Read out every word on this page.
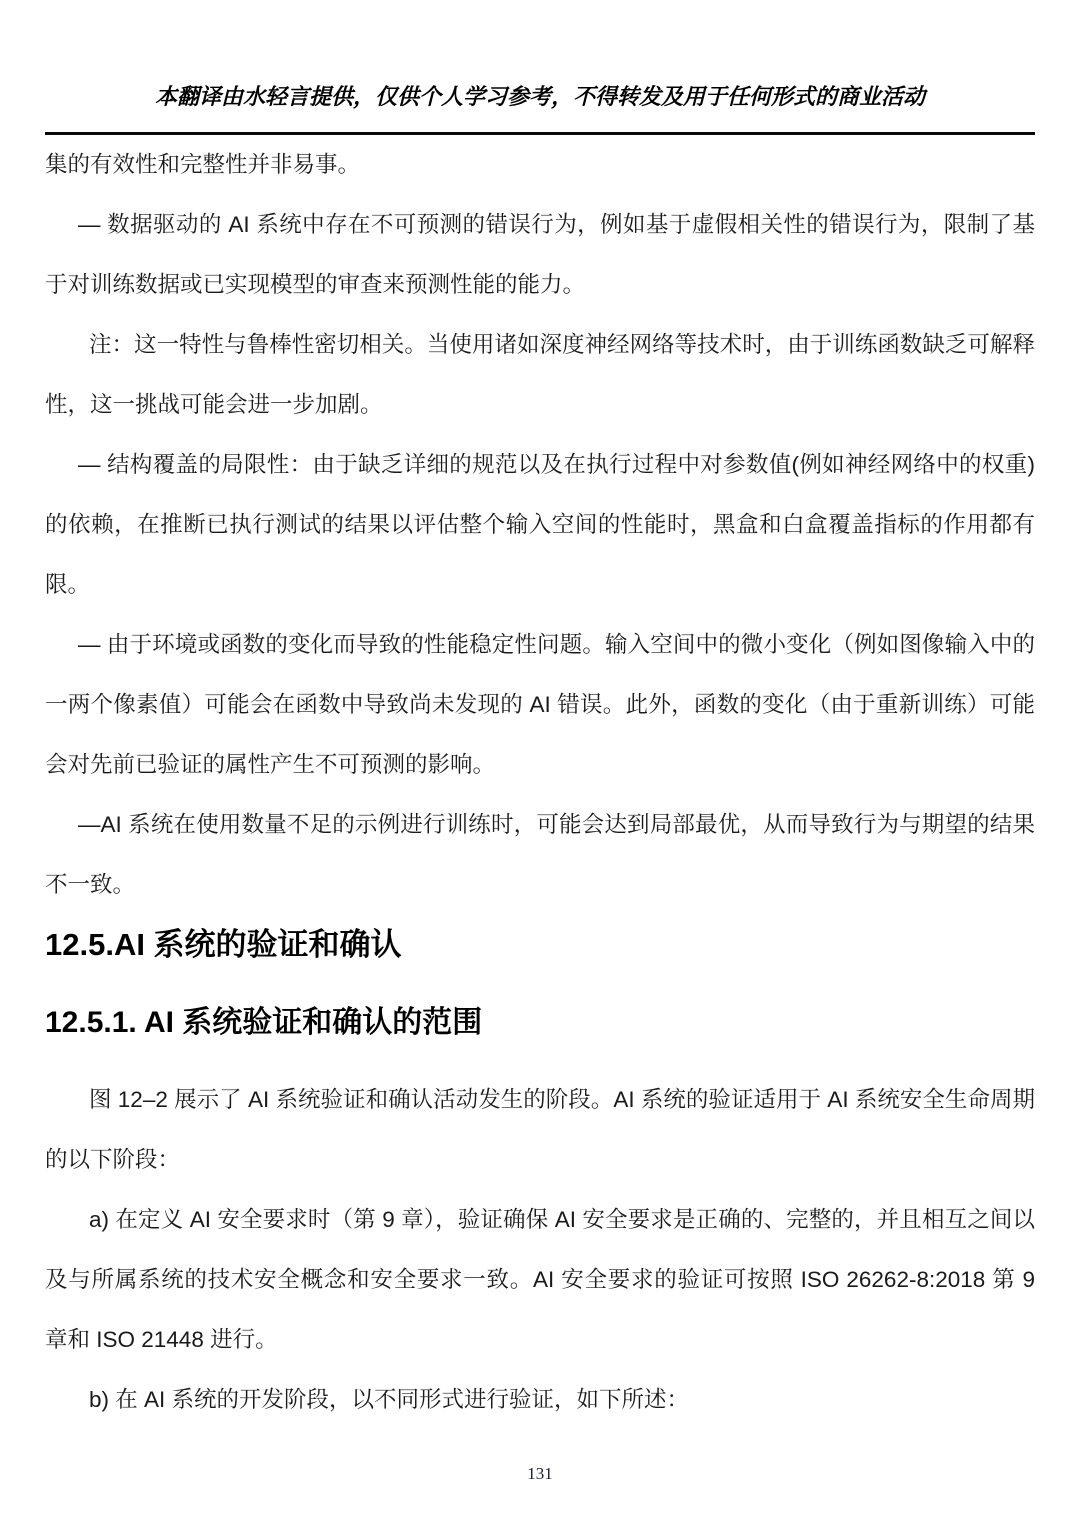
本翻译由水轻言提供，仅供个人学习参考，不得转发及用于任何形式的商业活动

集的有效性和完整性并非易事。

— 数据驱动的 AI 系统中存在不可预测的错误行为，例如基于虚假相关性的错误行为，限制了基于对训练数据或已实现模型的审查来预测性能的能力。

注：这一特性与鲁棒性密切相关。当使用诸如深度神经网络等技术时，由于训练函数缺乏可解释性，这一挑战可能会进一步加剧。

— 结构覆盖的局限性：由于缺乏详细的规范以及在执行过程中对参数值(例如神经网络中的权重)的依赖，在推断已执行测试的结果以评估整个输入空间的性能时，黑盒和白盒覆盖指标的作用都有限。

— 由于环境或函数的变化而导致的性能稳定性问题。输入空间中的微小变化（例如图像输入中的一两个像素值）可能会在函数中导致尚未发现的 AI 错误。此外，函数的变化（由于重新训练）可能会对先前已验证的属性产生不可预测的影响。

—AI 系统在使用数量不足的示例进行训练时，可能会达到局部最优，从而导致行为与期望的结果不一致。

12.5.AI 系统的验证和确认
12.5.1. AI 系统验证和确认的范围

图 12–2 展示了 AI 系统验证和确认活动发生的阶段。AI 系统的验证适用于 AI 系统安全生命周期的以下阶段：

a) 在定义 AI 安全要求时（第 9 章），验证确保 AI 安全要求是正确的、完整的，并且相互之间以及与所属系统的技术安全概念和安全要求一致。AI 安全要求的验证可按照 ISO 26262-8:2018 第 9 章和 ISO 21448 进行。

b) 在 AI 系统的开发阶段，以不同形式进行验证，如下所述：

131
